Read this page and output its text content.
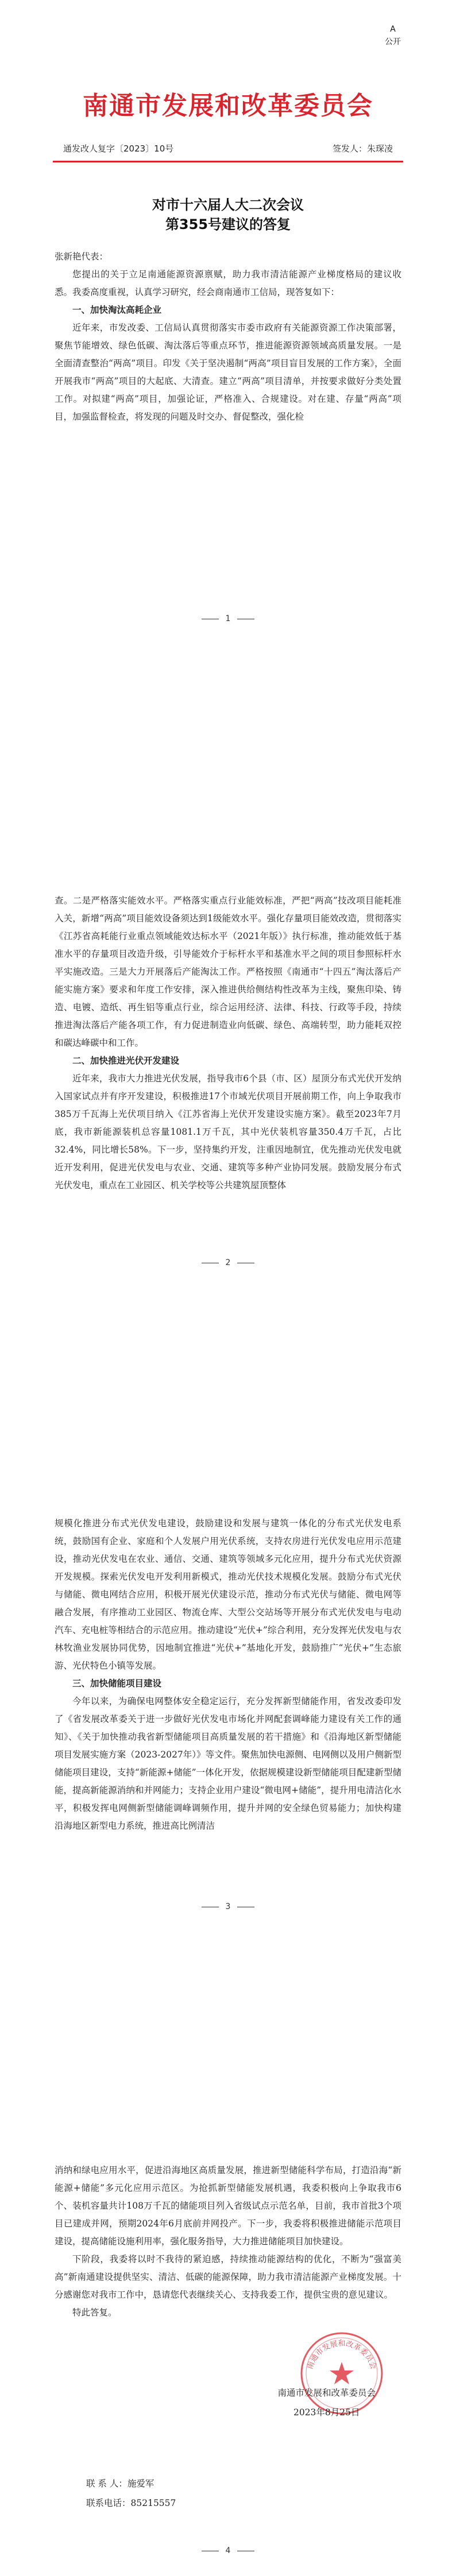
A
公开
南通市发展和改革委员会
通发改人复字〔2023〕10号	签发人：朱琛凌
对市十六届人大二次会议
第355号建议的答复

张新艳代表：

您提出的关于立足南通能源资源禀赋，助力我市清洁能源产业梯度格局的建议收悉。我委高度重视，认真学习研究，经会商南通市工信局，现答复如下：

一、加快淘汰高耗企业

近年来，市发改委、工信局认真贯彻落实市委市政府有关能源资源工作决策部署，聚焦节能增效、绿色低碳、淘汰落后等重点环节，推进能源资源领域高质量发展。一是全面清查整治“两高”项目。印发《关于坚决遏制“两高”项目盲目发展的工作方案》，全面开展我市“两高”项目的大起底、大清查。建立“两高”项目清单，并按要求做好分类处置工作。对拟建“两高”项目，加强论证，严格准入、合规建设。对在建、存量“两高”项目，加强监督检查，将发现的问题及时交办、督促整改，强化检

1

查。二是严格落实能效水平。严格落实重点行业能效标准，严把“两高”技改项目能耗准入关，新增“两高”项目能效设备须达到1级能效水平。强化存量项目能效改造，贯彻落实《江苏省高耗能行业重点领域能效达标水平（2021年版）》执行标准，推动能效低于基准水平的存量项目改造升级，引导能效介于标杆水平和基准水平之间的项目参照标杆水平实施改造。三是大力开展落后产能淘汰工作。严格按照《南通市“十四五”淘汰落后产能实施方案》要求和年度工作安排，深入推进供给侧结构性改革为主线，聚焦印染、铸造、电镀、造纸、再生铝等重点行业，综合运用经济、法律、科技、行政等手段，持续推进淘汰落后产能各项工作，有力促进制造业向低碳、绿色、高端转型，助力能耗双控和碳达峰碳中和工作。

二、加快推进光伏开发建设

近年来，我市大力推进光伏发展，指导我市6个县（市、区）屋顶分布式光伏开发纳入国家试点并有序开发建设，积极推进17个市域光伏项目开展前期工作，向上争取我市385万千瓦海上光伏项目纳入《江苏省海上光伏开发建设实施方案》。截至2023年7月底，我市新能源装机总容量1081.1万千瓦，其中光伏装机容量350.4万千瓦，占比32.4%，同比增长58%。下一步，坚持集约开发，注重因地制宜，优先推动光伏发电就近开发利用，促进光伏发电与农业、交通、建筑等多种产业协同发展。鼓励发展分布式光伏发电，重点在工业园区、机关学校等公共建筑屋顶整体

2

规模化推进分布式光伏发电建设，鼓励建设和发展与建筑一体化的分布式光伏发电系统，鼓励国有企业、家庭和个人发展户用光伏系统，支持农房进行光伏发电应用示范建设，推动光伏发电在农业、通信、交通、建筑等领域多元化应用，提升分布式光伏资源开发规模。探索光伏发电开发利用新模式，推动光伏技术规模化发展。鼓励分布式光伏与储能、微电网结合应用，积极开展光伏建设示范，推动分布式光伏与储能、微电网等融合发展，有序推动工业园区、物流仓库、大型公交站场等开展分布式光伏发电与电动汽车、充电桩等相结合的示范应用。推动建设“光伏+”综合利用，充分发挥光伏发电与农林牧渔业发展协同优势，因地制宜推进“光伏+”基地化开发，鼓励推广“光伏+”生态旅游、光伏特色小镇等发展。

三、加快储能项目建设

今年以来，为确保电网整体安全稳定运行，充分发挥新型储能作用，省发改委印发了《省发展改革委关于进一步做好光伏发电市场化并网配套调峰能力建设有关工作的通知》、《关于加快推动我省新型储能项目高质量发展的若干措施》和《沿海地区新型储能项目发展实施方案（2023-2027年）》等文件。聚焦加快电源侧、电网侧以及用户侧新型储能项目建设，支持“新能源+储能”一体化开发，依据规模建设新型储能项目配建新型储能，提高新能源消纳和并网能力；支持企业用户建设“微电网+储能”，提升用电清洁化水平，积极发挥电网侧新型储能调峰调频作用，提升并网的安全绿色贸易能力；加快构建沿海地区新型电力系统，推进高比例清洁

3

消纳和绿电应用水平，促进沿海地区高质量发展，推进新型储能科学布局，打造沿海“新能源+储能”多元化应用示范区。为抢抓新型储能发展机遇，我委积极向上争取我市6个、装机容量共计108万千瓦的储能项目列入省级试点示范名单，目前，我市首批3个项目已建成并网，预期2024年6月底前并网投产。下一步，我委将积极推进储能示范项目建设，提高储能设施利用率，强化服务指导，大力推进储能项目加快建设。

下阶段，我委将以时不我待的紧迫感，持续推动能源结构的优化，不断为“强富美高”新南通建设提供坚实、清洁、低碳的能源保障，助力我市清洁能源产业梯度发展。十分感谢您对我市工作中，恳请您代表继续关心、支持我委工作，提供宝贵的意见建议。

特此答复。

4
南通市发展和改革委员会
南通市发展和改革委员会
2023年8月25日
联 系 人：施爱军
联系电话：85215557
